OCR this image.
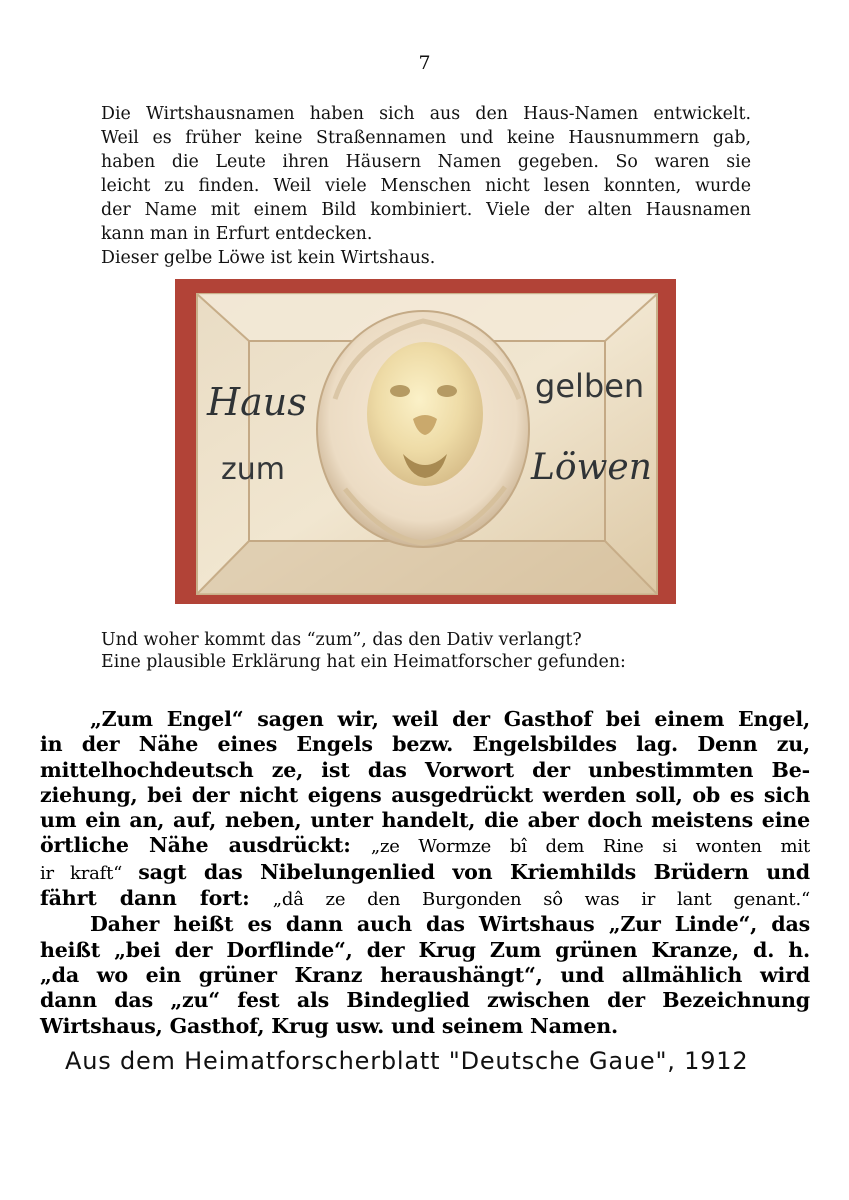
7
Die Wirtshausnamen haben sich aus den Haus-Namen entwickelt.
Weil es früher keine Straßennamen und keine Hausnummern gab,
haben die Leute ihren Häusern Namen gegeben. So waren sie
leicht zu finden. Weil viele Menschen nicht lesen konnten, wurde
der Name mit einem Bild kombiniert. Viele der alten Hausnamen
kann man in Erfurt entdecken.
Dieser gelbe Löwe ist kein Wirtshaus.
Haus
zum
gelben
Löwen
Und woher kommt das “zum”, das den Dativ verlangt?
Eine plausible Erklärung hat ein Heimatforscher gefunden:
„Zum Engel“ sagen wir, weil der Gasthof bei einem Engel,
in der Nähe eines Engels bezw. Engelsbildes lag. Denn zu,
mittelhochdeutsch ze, ist das Vorwort der unbestimmten Be-
ziehung, bei der nicht eigens ausgedrückt werden soll, ob es sich
um ein an, auf, neben, unter handelt, die aber doch meistens eine
örtliche Nähe ausdrückt: „ze Wormze bî dem Rine si wonten mit
ir kraft“ sagt das Nibelungenlied von Kriemhilds Brüdern und
fährt dann fort: „dâ ze den Burgonden sô was ir lant genant.“
Daher heißt es dann auch das Wirtshaus „Zur Linde“, das
heißt „bei der Dorflinde“, der Krug Zum grünen Kranze, d. h.
„da wo ein grüner Kranz heraushängt“, und allmählich wird
dann das „zu“ fest als Bindeglied zwischen der Bezeichnung
Wirtshaus, Gasthof, Krug usw. und seinem Namen.
Aus dem Heimatforscherblatt "Deutsche Gaue", 1912
